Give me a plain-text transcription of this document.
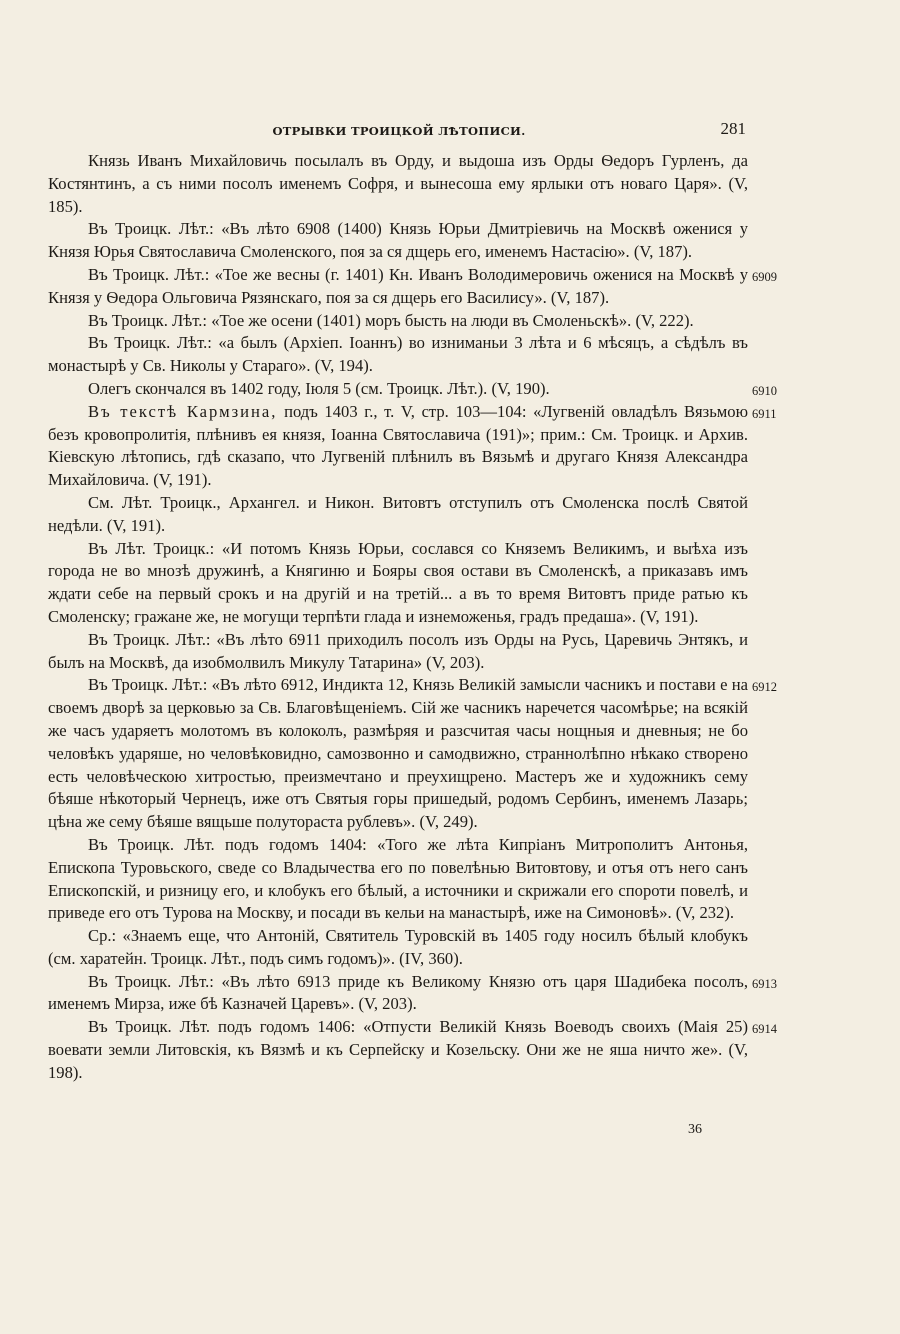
ОТРЫВКИ ТРОИЦКОЙ ЛѢТОПИСИ.	281

Князь Иванъ Михайловичь посылалъ въ Орду, и выдоша изъ Орды Ѳедоръ Гурленъ, да Костянтинъ, а съ ними посолъ именемъ Софря, и вынесоша ему ярлыки отъ новаго Царя». (V, 185).

Въ Троицк. Лѣт.: «Въ лѣто 6908 (1400) Князь Юрьи Дмитріевичь на Москвѣ оженися у Князя Юрья Святославича Смоленского, поя за ся дщерь его, именемъ Настасію». (V, 187).

6909
Въ Троицк. Лѣт.: «Тое же весны (г. 1401) Кн. Иванъ Володимеровичь оженися на Москвѣ у Князя у Ѳедора Ольговича Рязянскаго, поя за ся дщерь его Василису». (V, 187).

Въ Троицк. Лѣт.: «Тое же осени (1401) моръ бысть на люди въ Смоленьскѣ». (V, 222).

Въ Троицк. Лѣт.: «а былъ (Архіеп. Іоаннъ) во изниманьи 3 лѣта и 6 мѣсяцъ, а сѣдѣлъ въ монастырѣ у Св. Николы у Стараго». (V, 194).

6910
Олегъ скончался въ 1402 году, Іюля 5 (см. Троицк. Лѣт.). (V, 190).

6911
Въ текстѣ Кармзина, подъ 1403 г., т. V, стр. 103—104: «Лугвеній овладѣлъ Вязьмою безъ кровопролитія, плѣнивъ ея князя, Іоанна Святославича (191)»; прим.: См. Троицк. и Архив. Кіевскую лѣтопись, гдѣ сказапо, что Лугвеній плѣнилъ въ Вязьмѣ и другаго Князя Александра Михайловича. (V, 191).

См. Лѣт. Троицк., Архангел. и Никон. Витовтъ отступилъ отъ Смоленска послѣ Святой недѣли. (V, 191).

Въ Лѣт. Троицк.: «И потомъ Князь Юрьи, сослався со Княземъ Великимъ, и выѣха изъ города не во мнозѣ дружинѣ, а Княгиню и Бояры своя остави въ Смоленскѣ, а приказавъ имъ ждати себе на первый срокъ и на другій и на третій... а въ то время Витовтъ приде ратью къ Смоленску; гражане же, не могущи терпѣти глада и изнеможенья, градъ предаша». (V, 191).

Въ Троицк. Лѣт.: «Въ лѣто 6911 приходилъ посолъ изъ Орды на Русь, Царевичь Энтякъ, и былъ на Москвѣ, да изобмолвилъ Микулу Татарина» (V, 203).

6912
Въ Троицк. Лѣт.: «Въ лѣто 6912, Индикта 12, Князь Великій замысли часникъ и постави е на своемъ дворѣ за церковью за Св. Благовѣщеніемъ. Сій же часникъ наречется часомѣрье; на всякій же часъ ударяетъ молотомъ въ колоколъ, размѣряя и разсчитая часы нощныя и дневныя; не бо человѣкъ ударяше, но человѣковидно, самозвонно и самодвижно, страннолѣпно нѣкако створено есть человѣческою хитростью, преизмечтано и преухищрено. Мастеръ же и художникъ сему бѣяше нѣкоторый Чернецъ, иже отъ Святыя горы пришедый, родомъ Сербинъ, именемъ Лазарь; цѣна же сему бѣяше вящьше полутораста рублевъ». (V, 249).

Въ Троицк. Лѣт. подъ годомъ 1404: «Того же лѣта Кипріанъ Митрополитъ Антонья, Епископа Туровьского, сведе со Владычества его по повелѣнью Витовтову, и отъя отъ него санъ Епископскій, и ризницу его, и клобукъ его бѣлый, а источники и скрижали его спороти повелѣ, и приведе его отъ Турова на Москву, и посади въ кельи на манастырѣ, иже на Симоновѣ». (V, 232).

Ср.: «Знаемъ еще, что Антоній, Святитель Туровскій въ 1405 году носилъ бѣлый клобукъ (см. харатейн. Троицк. Лѣт., подъ симъ годомъ)». (IV, 360).

6913
Въ Троицк. Лѣт.: «Въ лѣто 6913 приде къ Великому Князю отъ царя Шадибека посолъ, именемъ Мирза, иже бѣ Казначей Царевъ». (V, 203).

6914
Въ Троицк. Лѣт. подъ годомъ 1406: «Отпусти Великій Князь Воеводъ своихъ (Маія 25) воевати земли Литовскія, къ Вязмѣ и къ Серпейску и Козельску. Они же не яша ничто же». (V, 198).

36
